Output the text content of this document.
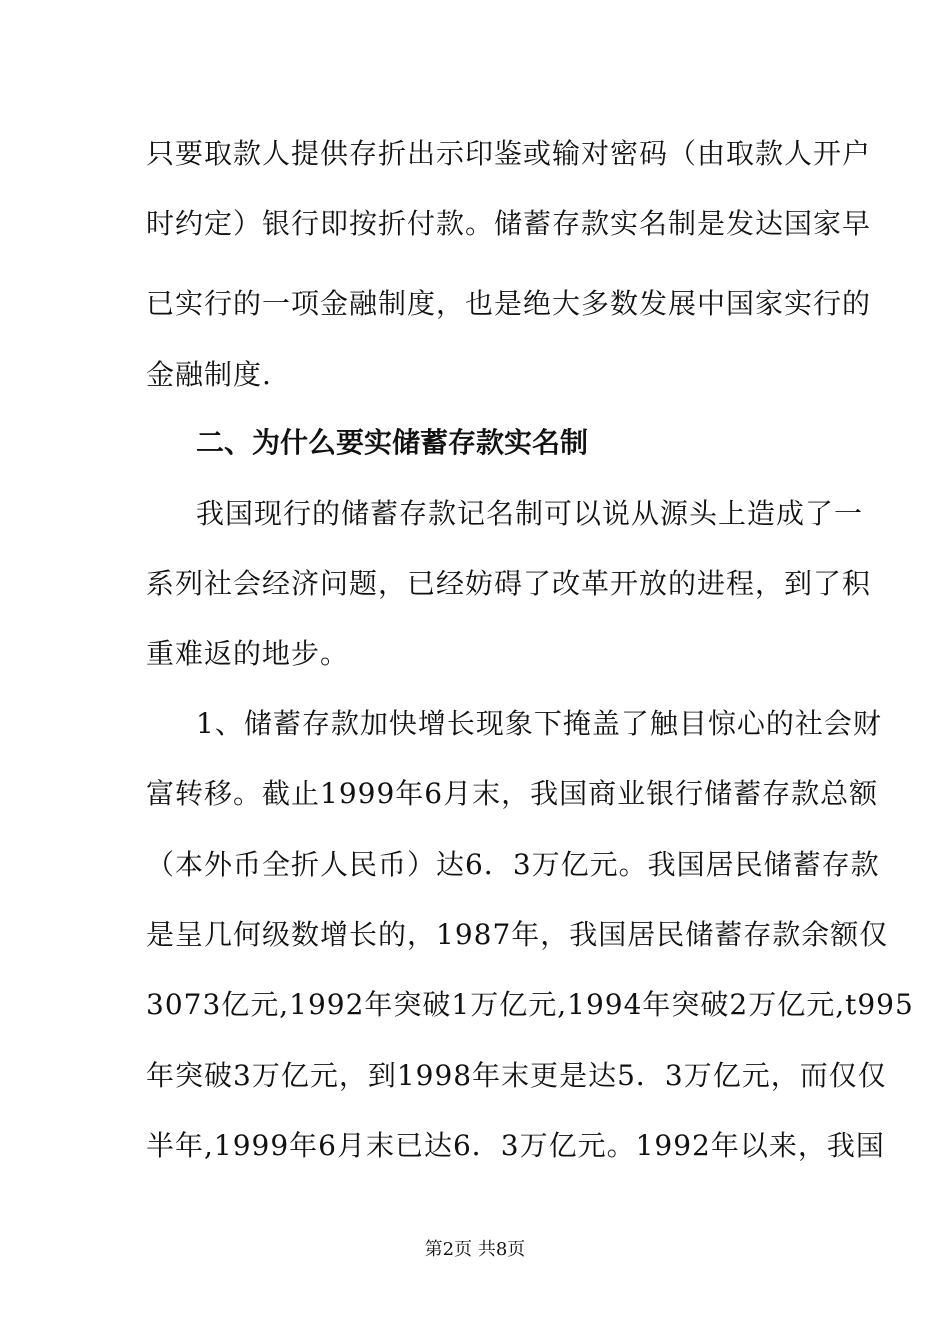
只要取款人提供存折出示印鉴或输对密码（由取款人开户
时约定）银行即按折付款。储蓄存款实名制是发达国家早
已实行的一项金融制度，也是绝大多数发展中国家实行的
金融制度.
二、为什么要实储蓄存款实名制
我国现行的储蓄存款记名制可以说从源头上造成了一
系列社会经济问题，已经妨碍了改革开放的进程，到了积
重难返的地步。
1、储蓄存款加快增长现象下掩盖了触目惊心的社会财
富转移。截止1999年6月末，我国商业银行储蓄存款总额
（本外币全折人民币）达6．3万亿元。我国居民储蓄存款
是呈几何级数增长的，1987年，我国居民储蓄存款余额仅
3073亿元,1992年突破1万亿元,1994年突破2万亿元,t995
年突破3万亿元，到1998年末更是达5．3万亿元，而仅仅
半年,1999年6月末已达6．3万亿元。1992年以来，我国
第2页 共8页
